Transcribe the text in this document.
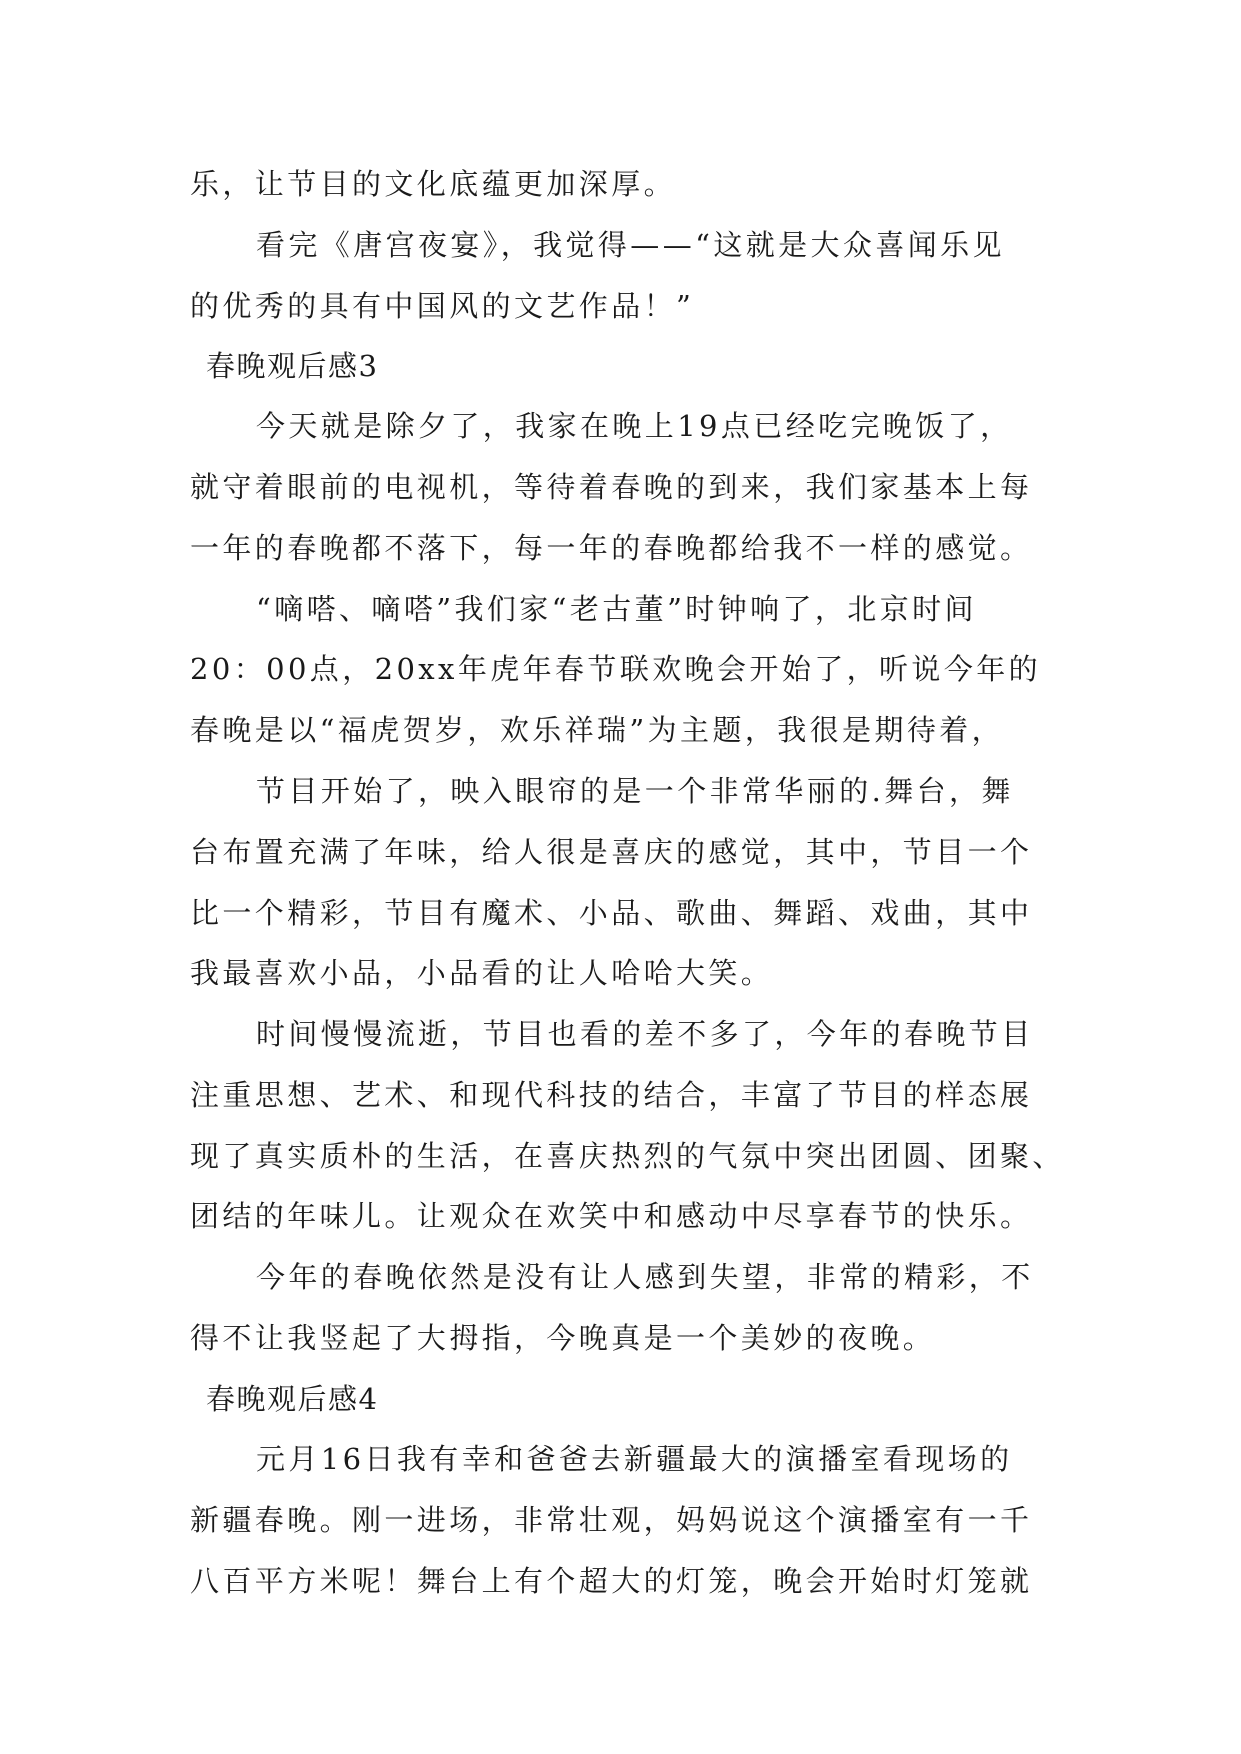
乐，让节目的文化底蕴更加深厚。
看完《唐宫夜宴》，我觉得——“这就是大众喜闻乐见
的优秀的具有中国风的文艺作品！”
春晚观后感3
今天就是除夕了，我家在晚上19点已经吃完晚饭了，
就守着眼前的电视机，等待着春晚的到来，我们家基本上每
一年的春晚都不落下，每一年的春晚都给我不一样的感觉。
“嘀嗒、嘀嗒”我们家“老古董”时钟响了，北京时间
20：00点，20xx年虎年春节联欢晚会开始了，听说今年的
春晚是以“福虎贺岁，欢乐祥瑞”为主题，我很是期待着，
节目开始了，映入眼帘的是一个非常华丽的.舞台，舞
台布置充满了年味，给人很是喜庆的感觉，其中，节目一个
比一个精彩，节目有魔术、小品、歌曲、舞蹈、戏曲，其中
我最喜欢小品，小品看的让人哈哈大笑。
时间慢慢流逝，节目也看的差不多了，今年的春晚节目
注重思想、艺术、和现代科技的结合，丰富了节目的样态展
现了真实质朴的生活，在喜庆热烈的气氛中突出团圆、团聚、
团结的年味儿。让观众在欢笑中和感动中尽享春节的快乐。
今年的春晚依然是没有让人感到失望，非常的精彩，不
得不让我竖起了大拇指，今晚真是一个美妙的夜晚。
春晚观后感4
元月16日我有幸和爸爸去新疆最大的演播室看现场的
新疆春晚。刚一进场，非常壮观，妈妈说这个演播室有一千
八百平方米呢！舞台上有个超大的灯笼，晚会开始时灯笼就
